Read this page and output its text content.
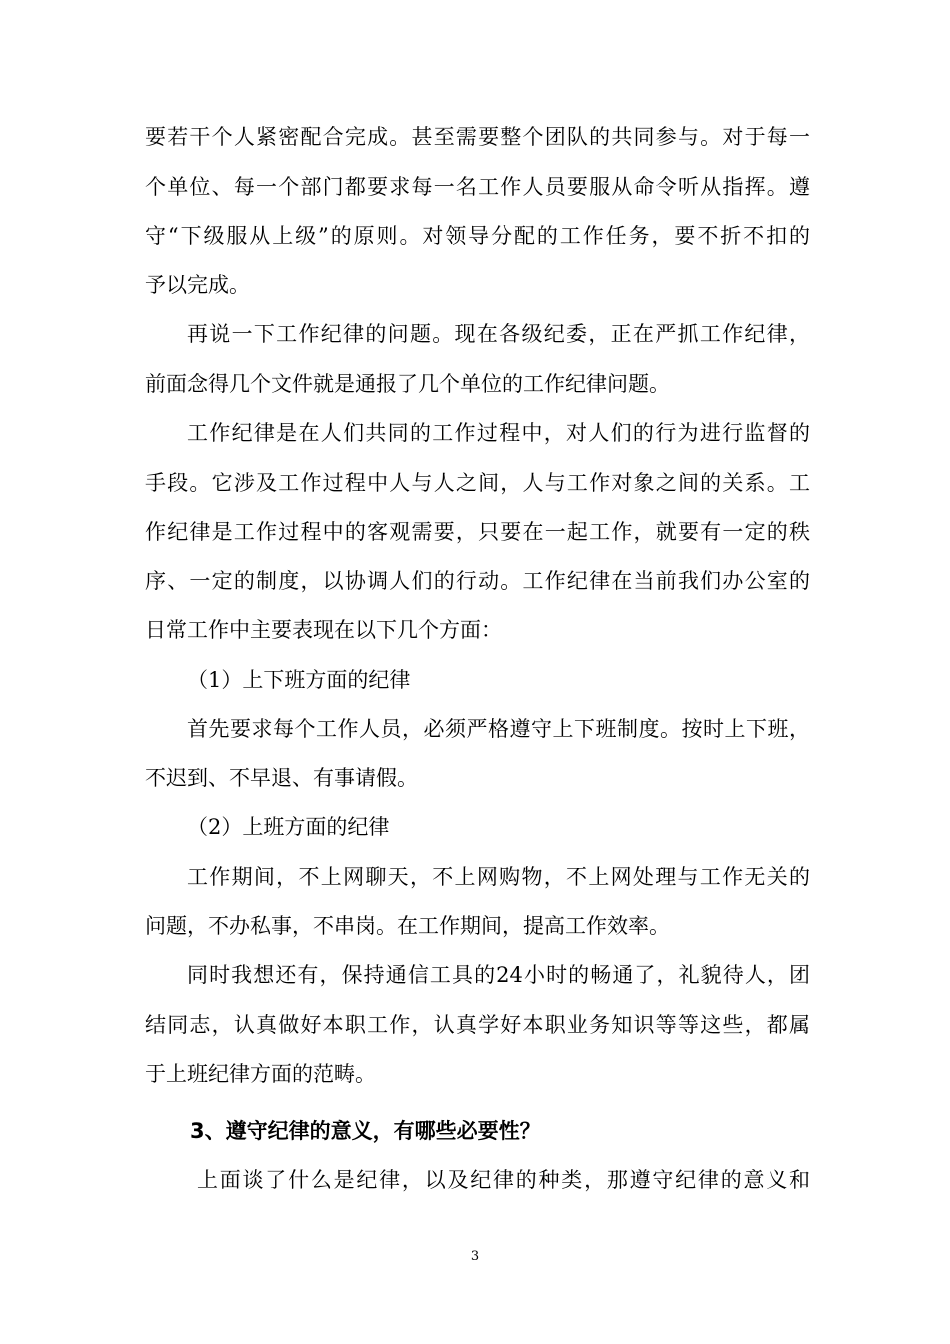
要若干个人紧密配合完成。甚至需要整个团队的共同参与。对于每一
个单位、每一个部门都要求每一名工作人员要服从命令听从指挥。遵
守“下级服从上级”的原则。对领导分配的工作任务，要不折不扣的
予以完成。
再说一下工作纪律的问题。现在各级纪委，正在严抓工作纪律，
前面念得几个文件就是通报了几个单位的工作纪律问题。
工作纪律是在人们共同的工作过程中，对人们的行为进行监督的
手段。它涉及工作过程中人与人之间，人与工作对象之间的关系。工
作纪律是工作过程中的客观需要，只要在一起工作，就要有一定的秩
序、一定的制度，以协调人们的行动。工作纪律在当前我们办公室的
日常工作中主要表现在以下几个方面：
（1）上下班方面的纪律
首先要求每个工作人员，必须严格遵守上下班制度。按时上下班，
不迟到、不早退、有事请假。
（2）上班方面的纪律
工作期间，不上网聊天，不上网购物，不上网处理与工作无关的
问题，不办私事，不串岗。在工作期间，提高工作效率。
同时我想还有，保持通信工具的24小时的畅通了，礼貌待人，团
结同志，认真做好本职工作，认真学好本职业务知识等等这些，都属
于上班纪律方面的范畴。
3、遵守纪律的意义，有哪些必要性？
上面谈了什么是纪律，以及纪律的种类，那遵守纪律的意义和
3
